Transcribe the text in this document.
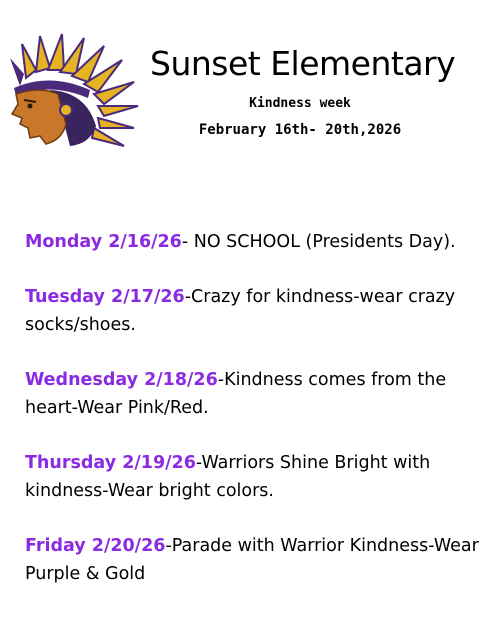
Sunset Elementary
Kindness week
February 16th- 20th,2026
Monday 2/16/26- NO SCHOOL (Presidents Day).
Tuesday 2/17/26-Crazy for kindness-wear crazy socks/shoes.
Wednesday 2/18/26-Kindness comes from the heart-Wear Pink/Red.
Thursday 2/19/26-Warriors Shine Bright with kindness-Wear bright colors.
Friday 2/20/26-Parade with Warrior Kindness-Wear Purple & Gold
